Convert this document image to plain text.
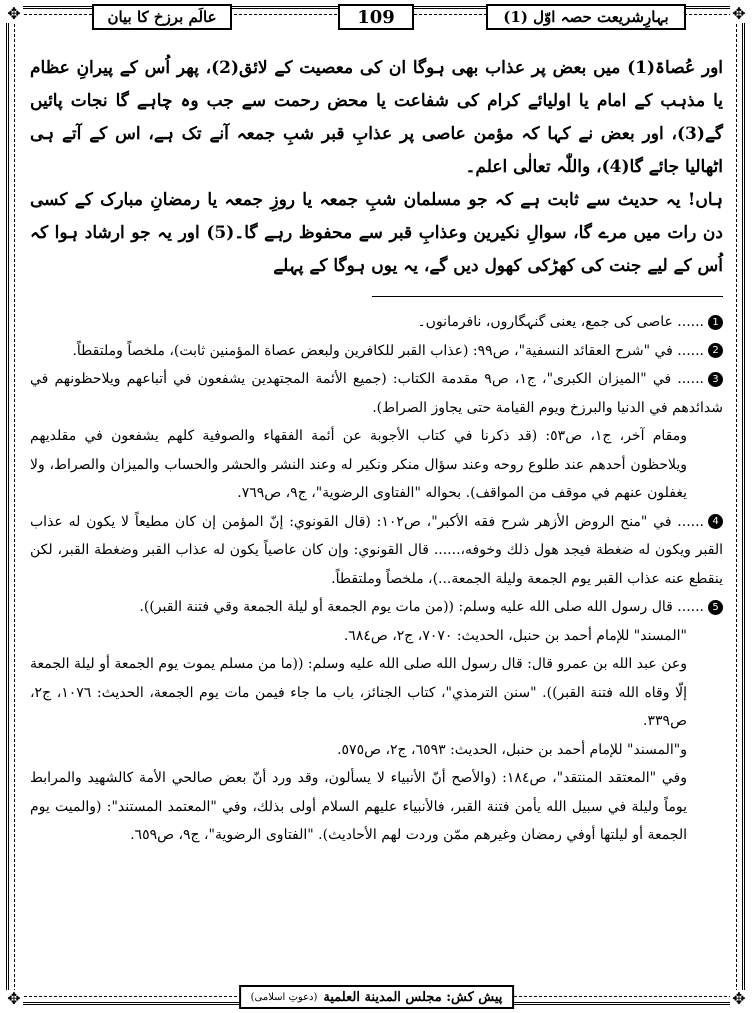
✥	✥
✥	✥
عالَم برزخ کا بیان	109	بہارِشریعت حصہ اوّل (1)

اور عُصاۃ(1) میں بعض پر عذاب بھی ہوگا ان کی معصیت کے لائق(2)، پھر اُس کے پیرانِ عظام یا مذہب کے امام یا اولیائے کرام کی شفاعت یا محض رحمت سے جب وہ چاہے گا نجات پائیں گے(3)، اور بعض نے کہا کہ مؤمن عاصی پر عذابِ قبر شبِ جمعہ آنے تک ہے، اس کے آتے ہی اٹھالیا جائے گا(4)، واللّٰہ تعالٰی اعلم۔

ہاں! یہ حدیث سے ثابت ہے کہ جو مسلمان شبِ جمعہ یا روزِ جمعہ یا رمضانِ مبارک کے کسی دن رات میں مرے گا، سوالِ نکیرین وعذابِ قبر سے محفوظ رہے گا۔(5) اور یہ جو ارشاد ہوا کہ اُس کے لیے جنت کی کھڑکی کھول دیں گے، یہ یوں ہوگا کے پہلے

1...... عاصی کی جمع، یعنی گنہگاروں، نافرمانوں۔

2...... في "شرح العقائد النسفية"، ص٩٩: (عذاب القبر للكافرين ولبعض عصاة المؤمنين ثابت)، ملخصاً وملتقطاً.

3...... في "الميزان الكبرى"، ج١، ص٩ مقدمة الكتاب: (جميع الأئمة المجتهدين يشفعون في أتباعهم ويلاحظونهم في شدائدهم في الدنيا والبرزخ ويوم القيامة حتى يجاوز الصراط).

ومقام آخر، ج١، ص٥٣: (قد ذكرنا في كتاب الأجوبة عن أئمة الفقهاء والصوفية كلهم يشفعون في مقلديهم ويلاحظون أحدهم عند طلوع روحه وعند سؤال منكر ونكير له وعند النشر والحشر والحساب والميزان والصراط، ولا يغفلون عنهم في موقف من المواقف). بحواله "الفتاوى الرضوية"، ج٩، ص٧٦٩.

4...... في "منح الروض الأزهر شرح فقه الأكبر"، ص١٠٢: (قال القونوي: إنّ المؤمن إن كان مطيعاً لا يكون له عذاب القبر ويكون له ضغطة فيجد هول ذلك وخوفه،...... قال القونوي: وإن كان عاصياً يكون له عذاب القبر وضغطة القبر، لكن ينقطع عنه عذاب القبر يوم الجمعة وليلة الجمعة...)، ملخصاً وملتقطاً.

5...... قال رسول الله صلى الله عليه وسلم: ((من مات يوم الجمعة أو ليلة الجمعة وقي فتنة القبر)).

"المسند" للإمام أحمد بن حنبل، الحديث: ٧٠٧٠، ج٢، ص٦٨٤.

وعن عبد الله بن عمرو قال: قال رسول الله صلى الله عليه وسلم: ((ما من مسلم يموت يوم الجمعة أو ليلة الجمعة إلّا وقاه الله فتنة القبر)). "سنن الترمذي"، كتاب الجنائز، باب ما جاء فيمن مات يوم الجمعة، الحديث: ١٠٧٦، ج٢، ص٣٣٩.

و"المسند" للإمام أحمد بن حنبل، الحديث: ٦٥٩٣، ج٢، ص٥٧٥.

وفي "المعتقد المنتقد"، ص١٨٤: (والأصح أنّ الأنبياء لا يسألون، وقد ورد أنّ بعض صالحي الأمة كالشهيد والمرابط يوماً وليلة في سبيل الله يأمن فتنة القبر، فالأنبياء عليهم السلام أولى بذلك، وفي "المعتمد المستند": (والميت يوم الجمعة أو ليلتها أوفي رمضان وغيرهم ممّن وردت لهم الأحاديث). "الفتاوى الرضوية"، ج٩، ص٦٥٩.

پیش کش:

مجلس المدينة العلمية
(دعوتِ اسلامی)
